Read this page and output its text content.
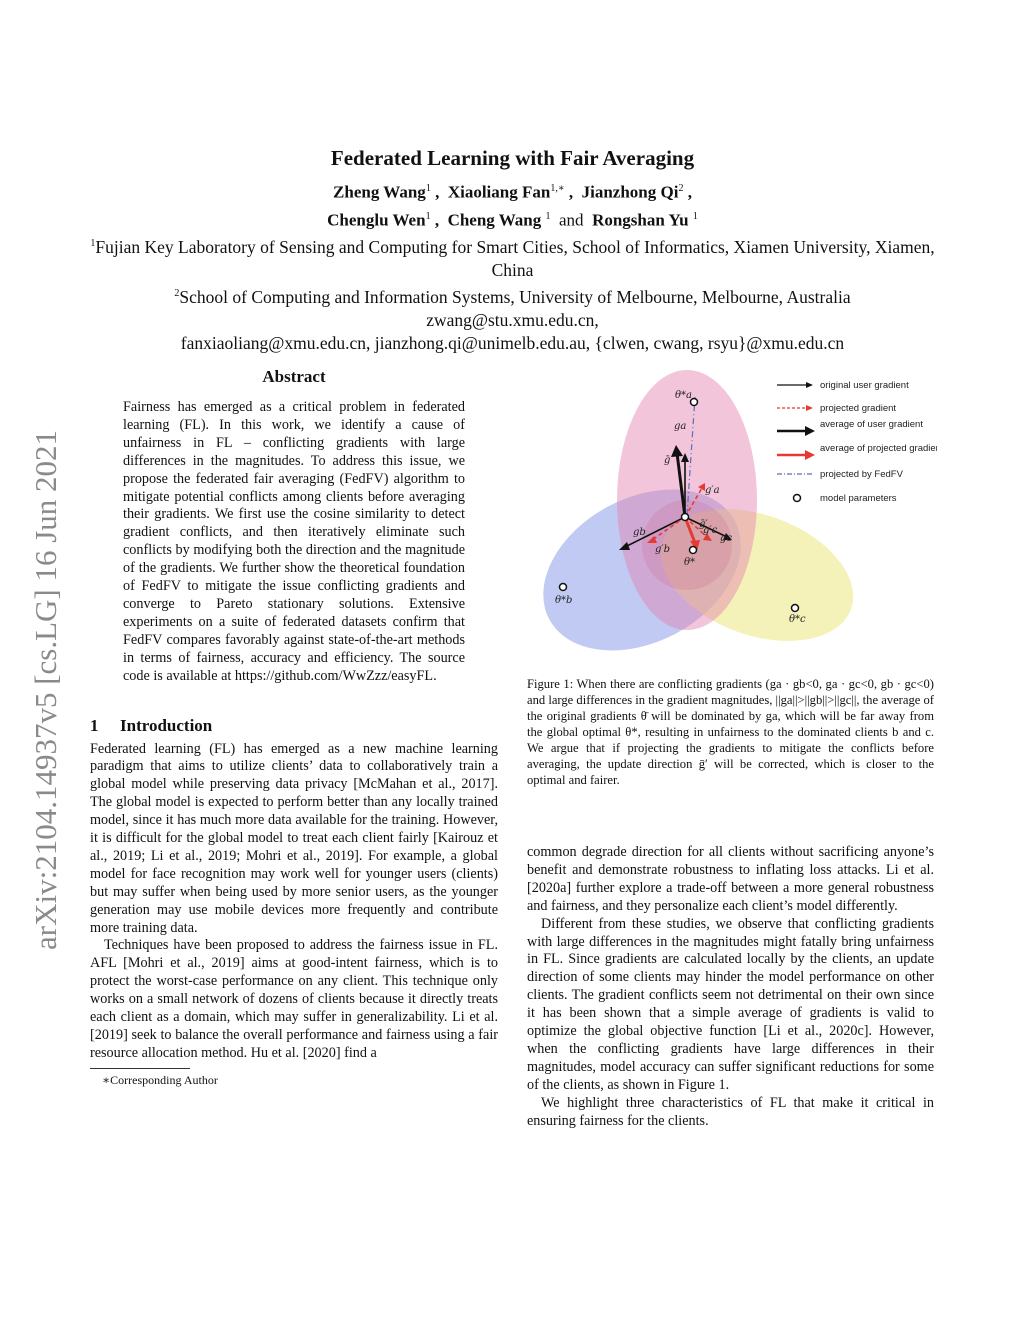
arXiv:2104.14937v5 [cs.LG] 16 Jun 2021
Federated Learning with Fair Averaging
Zheng Wang$^1$ ,  Xiaoliang Fan$^{1,∗}$ ,  Jianzhong Qi$^2$ ,
Chenglu Wen$^1$ ,  Cheng Wang $^1$ and Rongshan Yu $^1$
$^1$Fujian Key Laboratory of Sensing and Computing for Smart Cities, School of Informatics, Xiamen University, Xiamen, China
$^2$School of Computing and Information Systems, University of Melbourne, Melbourne, Australia
zwang@stu.xmu.edu.cn,
fanxiaoliang@xmu.edu.cn, jianzhong.qi@unimelb.edu.au, {clwen, cwang, rsyu}@xmu.edu.cn
Abstract
Fairness has emerged as a critical problem in federated learning (FL). In this work, we identify a cause of unfairness in FL – conflicting gradients with large differences in the magnitudes. To address this issue, we propose the federated fair averaging (FedFV) algorithm to mitigate potential conflicts among clients before averaging their gradients. We first use the cosine similarity to detect gradient conflicts, and then iteratively eliminate such conflicts by modifying both the direction and the magnitude of the gradients. We further show the theoretical foundation of FedFV to mitigate the issue conflicting gradients and converge to Pareto stationary solutions. Extensive experiments on a suite of federated datasets confirm that FedFV compares favorably against state-of-the-art methods in terms of fairness, accuracy and efficiency. The source code is available at https://github.com/WwZzz/easyFL.
1 Introduction

Federated learning (FL) has emerged as a new machine learning paradigm that aims to utilize clients’ data to collaboratively train a global model while preserving data privacy [McMahan et al., 2017]. The global model is expected to perform better than any locally trained model, since it has much more data available for the training. However, it is difficult for the global model to treat each client fairly [Kairouz et al., 2019; Li et al., 2019; Mohri et al., 2019]. For example, a global model for face recognition may work well for younger users (clients) but may suffer when being used by more senior users, as the younger generation may use mobile devices more frequently and contribute more training data.

Techniques have been proposed to address the fairness issue in FL. AFL [Mohri et al., 2019] aims at good-intent fairness, which is to protect the worst-case performance on any client. This technique only works on a small network of dozens of clients because it directly treats each client as a domain, which may suffer in generalizability. Li et al. [2019] seek to balance the overall performance and fairness using a fair resource allocation method. Hu et al. [2020] find a

∗Corresponding Author
θ*a
ga
ḡ
g′a
gb
g′b
gc
g′c
ḡ′
θ*
θ*b
θ*c
original user gradient
projected gradient
average of user gradient
average of projected gradient
projected by FedFV
model parameters
Figure 1: When there are conflicting gradients (ga · gb<0, ga · gc<0, gb · gc<0) and large differences in the gradient magnitudes, ||ga||>||gb||>||gc||, the average of the original gradients θ̄ will be dominated by ga, which will be far away from the global optimal θ*, resulting in unfairness to the dominated clients b and c. We argue that if projecting the gradients to mitigate the conflicts before averaging, the update direction ḡ′ will be corrected, which is closer to the optimal and fairer.

common degrade direction for all clients without sacrificing anyone’s benefit and demonstrate robustness to inflating loss attacks. Li et al. [2020a] further explore a trade-off between a more general robustness and fairness, and they personalize each client’s model differently.

Different from these studies, we observe that conflicting gradients with large differences in the magnitudes might fatally bring unfairness in FL. Since gradients are calculated locally by the clients, an update direction of some clients may hinder the model performance on other clients. The gradient conflicts seem not detrimental on their own since it has been shown that a simple average of gradients is valid to optimize the global objective function [Li et al., 2020c]. However, when the conflicting gradients have large differences in their magnitudes, model accuracy can suffer significant reductions for some of the clients, as shown in Figure 1.

We highlight three characteristics of FL that make it critical in ensuring fairness for the clients.
